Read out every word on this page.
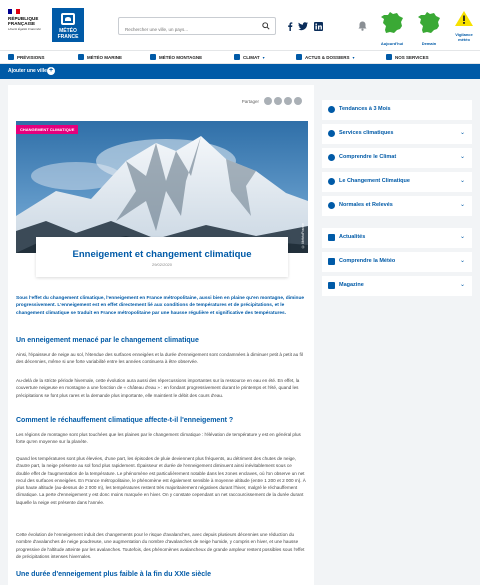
RÉPUBLIQUE FRANÇAISE
Liberté Égalité Fraternité	MÉTÉO FRANCE
Rechercher une ville, un pays...
Aujourd'hui	Demain
Vigilance météo
PRÉVISIONS	MÉTÉO MARINE	MÉTÉO MONTAGNE	CLIMAT ▾	ACTUS & DOSSIERS ▾	NOS SERVICES
Ajouter une ville +
Partager
CHANGEMENT CLIMATIQUE
© MétéoFrance
Enneigement et changement climatique
29/02/2020
Sous l'effet du changement climatique, l'enneigement en France métropolitaine, aussi bien en plaine qu'en montagne, diminue progressivement. L'enneigement est en effet directement lié aux conditions de températures et de précipitations, et le changement climatique se traduit en France métropolitaine par une hausse régulière et significative des températures.
Un enneigement menacé par le changement climatique
Ainsi, l'épaisseur de neige au sol, l'étendue des surfaces enneigées et la durée d'enneigement sont condamnées à diminuer petit à petit au fil des décennies, même si une forte variabilité entre les années continuera à être observée.
Au-delà de la stricte période hivernale, cette évolution aura aussi des répercussions importantes sur la ressource en eau en été. En effet, la couverture neigeuse en montagne a une fonction de « château d'eau » : en fondant progressivement durant le printemps et l'été, quand les précipitations se font plus rares et la demande plus importante, elle maintient le débit des cours d'eau.
Comment le réchauffement climatique affecte-t-il l'enneigement ?
Les régions de montagne sont plus touchées que les plaines par le changement climatique : l'élévation de température y est en général plus forte qu'en moyenne sur la planète.
Quand les températures sont plus élevées, d'une part, les épisodes de pluie deviennent plus fréquents, au détriment des chutes de neige, d'autre part, la neige présente au sol fond plus rapidement. Épaisseur et durée de l'enneigement diminuent ainsi inévitablement sous ce double effet de l'augmentation de la température. Le phénomène est particulièrement notable dans les zones enclaves, où l'on observe un net recul des surfaces enneigées. En France métropolitaine, le phénomène est également sensible à moyenne altitude (entre 1 200 et 2 000 m). À plus haute altitude (au-dessus de 2 000 m), les températures restent très majoritairement négatives durant l'hiver, malgré le réchauffement climatique. La perte d'enneigement y est donc moins marquée en hiver. On y constate cependant un net raccourcissement de la durée durant laquelle la neige est présente dans l'année.
Cette évolution de l'enneigement induit des changements pour le risque d'avalanches, avec depuis plusieurs décennies une réduction du nombre d'avalanches de neige poudreuse, une augmentation du nombre d'avalanches de neige humide, y compris en hiver, et une hausse progressive de l'altitude atteinte par les avalanches. Toutefois, des phénomènes avalancheux de grande ampleur restent possibles sous l'effet de précipitations intenses hivernales.
Une durée d'enneigement plus faible à la fin du XXIe siècle
Tendances à 3 Mois
Services climatiques	⌄
Comprendre le Climat	⌄
Le Changement Climatique	⌄
Normales et Relevés	⌄
Actualités	⌄
Comprendre la Météo	⌄
Magazine	⌄
